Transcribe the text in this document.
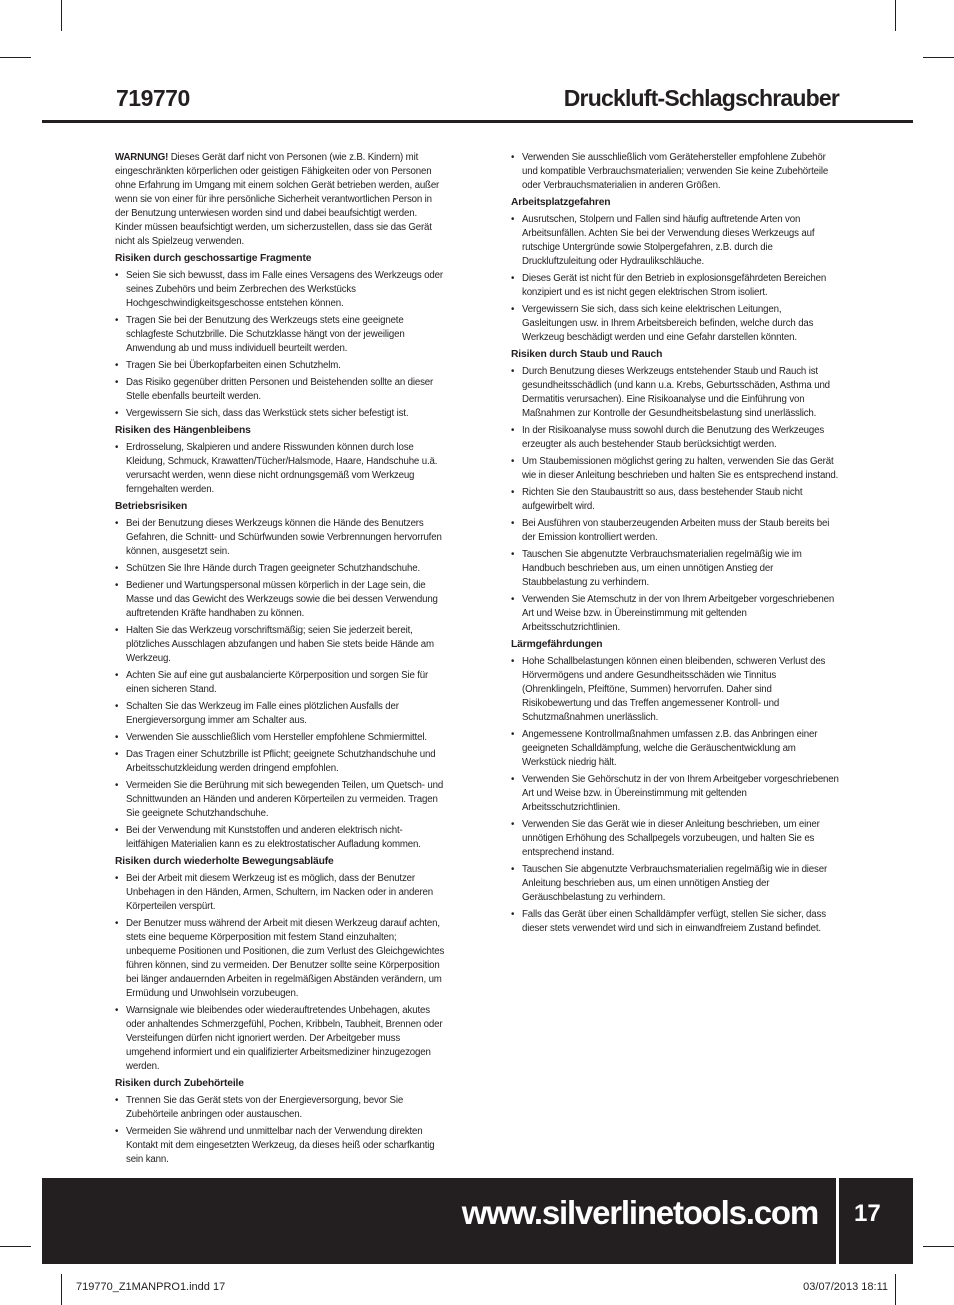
719770	Druckluft-Schlagschrauber

WARNUNG! Dieses Gerät darf nicht von Personen (wie z.B. Kindern) mit eingeschränkten körperlichen oder geistigen Fähigkeiten oder von Personen ohne Erfahrung im Umgang mit einem solchen Gerät betrieben werden, außer wenn sie von einer für ihre persönliche Sicherheit verantwortlichen Person in der Benutzung unterwiesen worden sind und dabei beaufsichtigt werden. Kinder müssen beaufsichtigt werden, um sicherzustellen, dass sie das Gerät nicht als Spielzeug verwenden.

Risiken durch geschossartige Fragmente
• Seien Sie sich bewusst, dass im Falle eines Versagens des Werkzeugs oder seines Zubehörs und beim Zerbrechen des Werkstücks Hochgeschwindigkeitsgeschosse entstehen können.
• Tragen Sie bei der Benutzung des Werkzeugs stets eine geeignete schlagfeste Schutzbrille. Die Schutzklasse hängt von der jeweiligen Anwendung ab und muss individuell beurteilt werden.
• Tragen Sie bei Überkopfarbeiten einen Schutzhelm.
• Das Risiko gegenüber dritten Personen und Beistehenden sollte an dieser Stelle ebenfalls beurteilt werden.
• Vergewissern Sie sich, dass das Werkstück stets sicher befestigt ist.
Risiken des Hängenbleibens
• Erdrosselung, Skalpieren und andere Risswunden können durch lose Kleidung, Schmuck, Krawatten/Tücher/Halsmode, Haare, Handschuhe u.ä. verursacht werden, wenn diese nicht ordnungsgemäß vom Werkzeug ferngehalten werden.
Betriebsrisiken
• Bei der Benutzung dieses Werkzeugs können die Hände des Benutzers Gefahren, die Schnitt- und Schürfwunden sowie Verbrennungen hervorrufen können, ausgesetzt sein.
• Schützen Sie Ihre Hände durch Tragen geeigneter Schutzhandschuhe.
• Bediener und Wartungspersonal müssen körperlich in der Lage sein, die Masse und das Gewicht des Werkzeugs sowie die bei dessen Verwendung auftretenden Kräfte handhaben zu können.
• Halten Sie das Werkzeug vorschriftsmäßig; seien Sie jederzeit bereit, plötzliches Ausschlagen abzufangen und haben Sie stets beide Hände am Werkzeug.
• Achten Sie auf eine gut ausbalancierte Körperposition und sorgen Sie für einen sicheren Stand.
• Schalten Sie das Werkzeug im Falle eines plötzlichen Ausfalls der Energieversorgung immer am Schalter aus.
• Verwenden Sie ausschließlich vom Hersteller empfohlene Schmiermittel.
• Das Tragen einer Schutzbrille ist Pflicht; geeignete Schutzhandschuhe und Arbeitsschutzkleidung werden dringend empfohlen.
• Vermeiden Sie die Berührung mit sich bewegenden Teilen, um Quetsch- und Schnittwunden an Händen und anderen Körperteilen zu vermeiden. Tragen Sie geeignete Schutzhandschuhe.
• Bei der Verwendung mit Kunststoffen und anderen elektrisch nicht-leitfähigen Materialien kann es zu elektrostatischer Aufladung kommen.
Risiken durch wiederholte Bewegungsabläufe
• Bei der Arbeit mit diesem Werkzeug ist es möglich, dass der Benutzer Unbehagen in den Händen, Armen, Schultern, im Nacken oder in anderen Körperteilen verspürt.
• Der Benutzer muss während der Arbeit mit diesen Werkzeug darauf achten, stets eine bequeme Körperposition mit festem Stand einzuhalten; unbequeme Positionen und Positionen, die zum Verlust des Gleichgewichtes führen können, sind zu vermeiden. Der Benutzer sollte seine Körperposition bei länger andauernden Arbeiten in regelmäßigen Abständen verändern, um Ermüdung und Unwohlsein vorzubeugen.
• Warnsignale wie bleibendes oder wiederauftretendes Unbehagen, akutes oder anhaltendes Schmerzgefühl, Pochen, Kribbeln, Taubheit, Brennen oder Versteifungen dürfen nicht ignoriert werden. Der Arbeitgeber muss umgehend informiert und ein qualifizierter Arbeitsmediziner hinzugezogen werden.
Risiken durch Zubehörteile
• Trennen Sie das Gerät stets von der Energieversorgung, bevor Sie Zubehörteile anbringen oder austauschen.
• Vermeiden Sie während und unmittelbar nach der Verwendung direkten Kontakt mit dem eingesetzten Werkzeug, da dieses heiß oder scharfkantig sein kann.
• Verwenden Sie ausschließlich vom Gerätehersteller empfohlene Zubehör und kompatible Verbrauchsmaterialien; verwenden Sie keine Zubehörteile oder Verbrauchsmaterialien in anderen Größen.
Arbeitsplatzgefahren
• Ausrutschen, Stolpern und Fallen sind häufig auftretende Arten von Arbeitsunfällen. Achten Sie bei der Verwendung dieses Werkzeugs auf rutschige Untergründe sowie Stolpergefahren, z.B. durch die Druckluftzuleitung oder Hydraulikschläuche.
• Dieses Gerät ist nicht für den Betrieb in explosionsgefährdeten Bereichen konzipiert und es ist nicht gegen elektrischen Strom isoliert.
• Vergewissern Sie sich, dass sich keine elektrischen Leitungen, Gasleitungen usw. in Ihrem Arbeitsbereich befinden, welche durch das Werkzeug beschädigt werden und eine Gefahr darstellen könnten.
Risiken durch Staub und Rauch
• Durch Benutzung dieses Werkzeugs entstehender Staub und Rauch ist gesundheitsschädlich (und kann u.a. Krebs, Geburtsschäden, Asthma und Dermatitis verursachen). Eine Risikoanalyse und die Einführung von Maßnahmen zur Kontrolle der Gesundheitsbelastung sind unerlässlich.
• In der Risikoanalyse muss sowohl durch die Benutzung des Werkzeuges erzeugter als auch bestehender Staub berücksichtigt werden.
• Um Staubemissionen möglichst gering zu halten, verwenden Sie das Gerät wie in dieser Anleitung beschrieben und halten Sie es entsprechend instand.
• Richten Sie den Staubaustritt so aus, dass bestehender Staub nicht aufgewirbelt wird.
• Bei Ausführen von stauberzeugenden Arbeiten muss der Staub bereits bei der Emission kontrolliert werden.
• Tauschen Sie abgenutzte Verbrauchsmaterialien regelmäßig wie im Handbuch beschrieben aus, um einen unnötigen Anstieg der Staubbelastung zu verhindern.
• Verwenden Sie Atemschutz in der von Ihrem Arbeitgeber vorgeschriebenen Art und Weise bzw. in Übereinstimmung mit geltenden Arbeitsschutzrichtlinien.
Lärmgefährdungen
• Hohe Schallbelastungen können einen bleibenden, schweren Verlust des Hörvermögens und andere Gesundheitsschäden wie Tinnitus (Ohrenklingeln, Pfeiftöne, Summen) hervorrufen. Daher sind Risikobewertung und das Treffen angemessener Kontroll- und Schutzmaßnahmen unerlässlich.
• Angemessene Kontrollmaßnahmen umfassen z.B. das Anbringen einer geeigneten Schalldämpfung, welche die Geräuschentwicklung am Werkstück niedrig hält.
• Verwenden Sie Gehörschutz in der von Ihrem Arbeitgeber vorgeschriebenen Art und Weise bzw. in Übereinstimmung mit geltenden Arbeitsschutzrichtlinien.
• Verwenden Sie das Gerät wie in dieser Anleitung beschrieben, um einer unnötigen Erhöhung des Schallpegels vorzubeugen, und halten Sie es entsprechend instand.
• Tauschen Sie abgenutzte Verbrauchsmaterialien regelmäßig wie in dieser Anleitung beschrieben aus, um einen unnötigen Anstieg der Geräuschbelastung zu verhindern.
• Falls das Gerät über einen Schalldämpfer verfügt, stellen Sie sicher, dass dieser stets verwendet wird und sich in einwandfreiem Zustand befindet.
www.silverlinetools.com 17
719770_Z1MANPRO1.indd 17	03/07/2013 18:11
